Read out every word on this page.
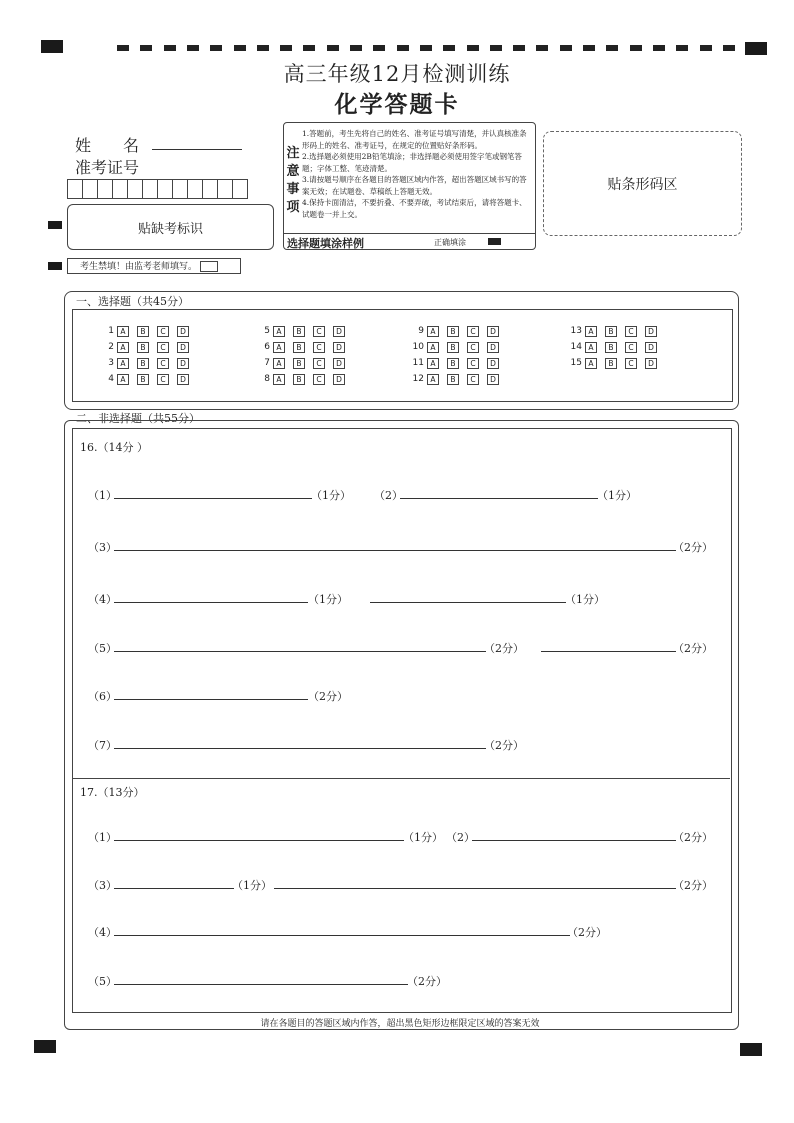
高三年级12月检测训练
化学答题卡
姓　　名
准考证号
贴缺考标识
考生禁填！由监考老师填写。
注意事项
1.答题前，考生先将自己的姓名、准考证号填写清楚，并认真核准条形码上的姓名、准考证号，在规定的位置贴好条形码。
2.选择题必须使用2B铅笔填涂；非选择题必须使用签字笔或钢笔答题；字体工整、笔迹清楚。
3.请按题号顺序在各题目的答题区域内作答，超出答题区域书写的答案无效；在试题卷、草稿纸上答题无效。
4.保持卡面清洁，不要折叠、不要弄破，考试结束后，请将答题卡、试题卷一并上交。
选择题填涂样例	正确填涂
贴条形码区
一、选择题（共45分）
1 A	B	C	D
2 A	B	C	D
3 A	B	C	D
4 A	B	C	D
5 A	B	C	D
6 A	B	C	D
7 A	B	C	D
8 A	B	C	D
9 A	B	C	D
10 A	B	C	D
11 A	B	C	D
12 A	B	C	D
13 A	B	C	D
14 A	B	C	D
15 A	B	C	D
二、非选择题（共55分）
16.（14分 ）
（1）	（1分） （2）	（1分）
（3）	（2分）
（4）	（1分）	（1分）
（5）	（2分）	（2分）
（6）	（2分）
（7）	（2分）
17.（13分）
（1）	（1分） （2）	（2分）
（3）	（1分）	（2分）
（4）	（2分）
（5）	（2分）
请在各题目的答题区域内作答，超出黑色矩形边框限定区域的答案无效
